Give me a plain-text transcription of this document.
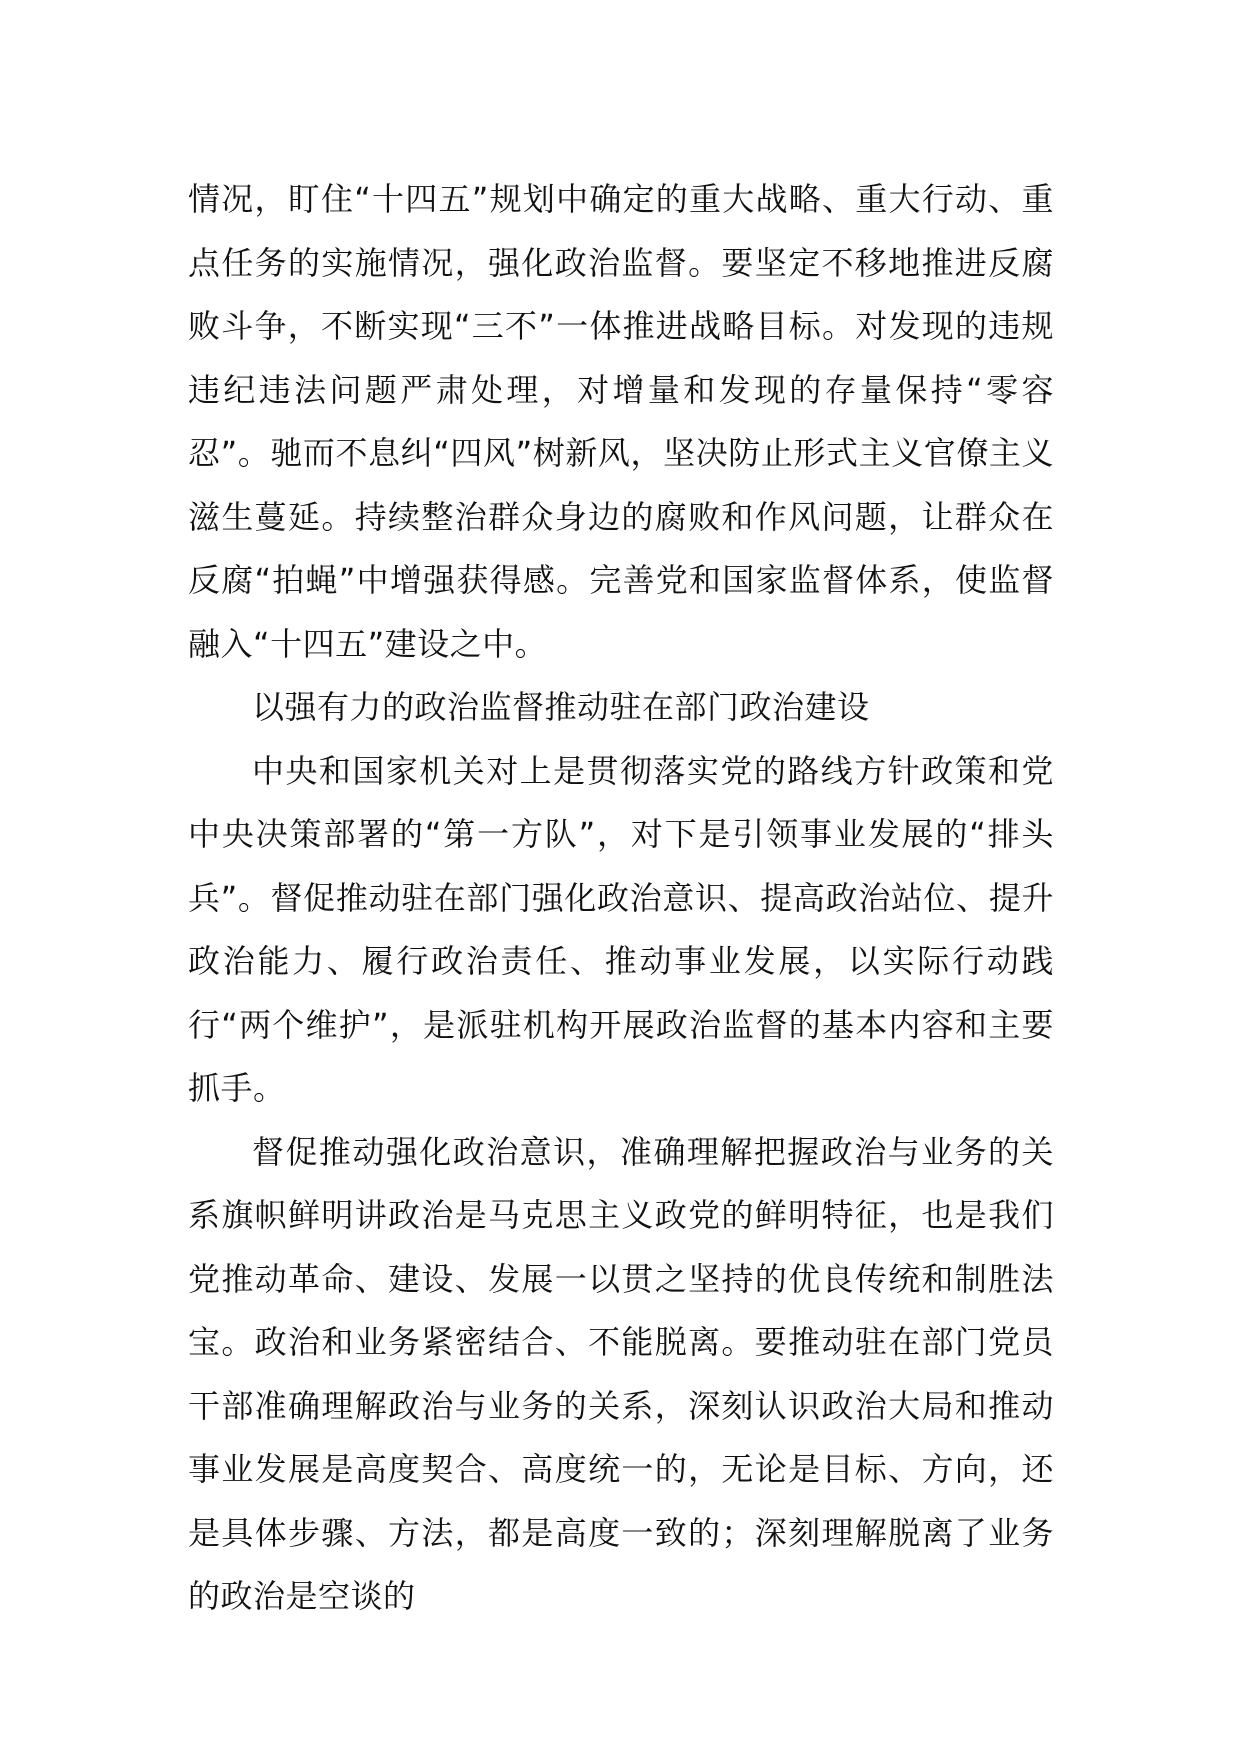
情况，盯住“十四五”规划中确定的重大战略、重大行动、重点任务的实施情况，强化政治监督。要坚定不移地推进反腐败斗争，不断实现“三不”一体推进战略目标。对发现的违规违纪违法问题严肃处理，对增量和发现的存量保持“零容忍”。驰而不息纠“四风”树新风，坚决防止形式主义官僚主义滋生蔓延。持续整治群众身边的腐败和作风问题，让群众在反腐“拍蝇”中增强获得感。完善党和国家监督体系，使监督融入“十四五”建设之中。

以强有力的政治监督推动驻在部门政治建设

中央和国家机关对上是贯彻落实党的路线方针政策和党中央决策部署的“第一方队”，对下是引领事业发展的“排头兵”。督促推动驻在部门强化政治意识、提高政治站位、提升政治能力、履行政治责任、推动事业发展，以实际行动践行“两个维护”，是派驻机构开展政治监督的基本内容和主要抓手。

督促推动强化政治意识，准确理解把握政治与业务的关系旗帜鲜明讲政治是马克思主义政党的鲜明特征，也是我们党推动革命、建设、发展一以贯之坚持的优良传统和制胜法宝。政治和业务紧密结合、不能脱离。要推动驻在部门党员干部准确理解政治与业务的关系，深刻认识政治大局和推动事业发展是高度契合、高度统一的，无论是目标、方向，还是具体步骤、方法，都是高度一致的；深刻理解脱离了业务的政治是空谈的
